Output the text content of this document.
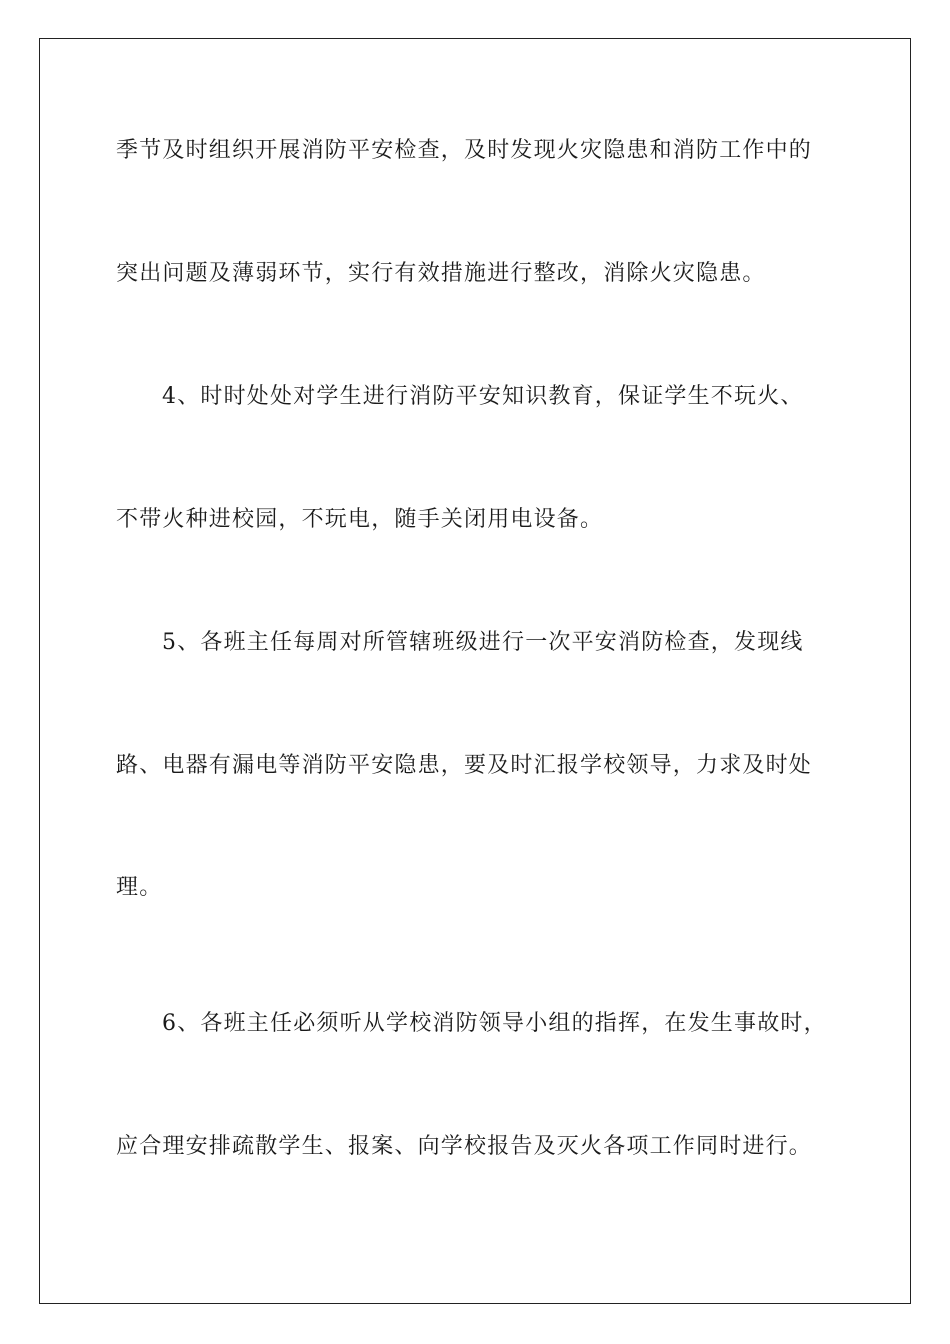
季节及时组织开展消防平安检查，及时发现火灾隐患和消防工作中的
突出问题及薄弱环节，实行有效措施进行整改，消除火灾隐患。
4、时时处处对学生进行消防平安知识教育，保证学生不玩火、
不带火种进校园，不玩电，随手关闭用电设备。
5、各班主任每周对所管辖班级进行一次平安消防检查，发现线
路、电器有漏电等消防平安隐患，要及时汇报学校领导，力求及时处
理。
6、各班主任必须听从学校消防领导小组的指挥，在发生事故时，
应合理安排疏散学生、报案、向学校报告及灭火各项工作同时进行。
